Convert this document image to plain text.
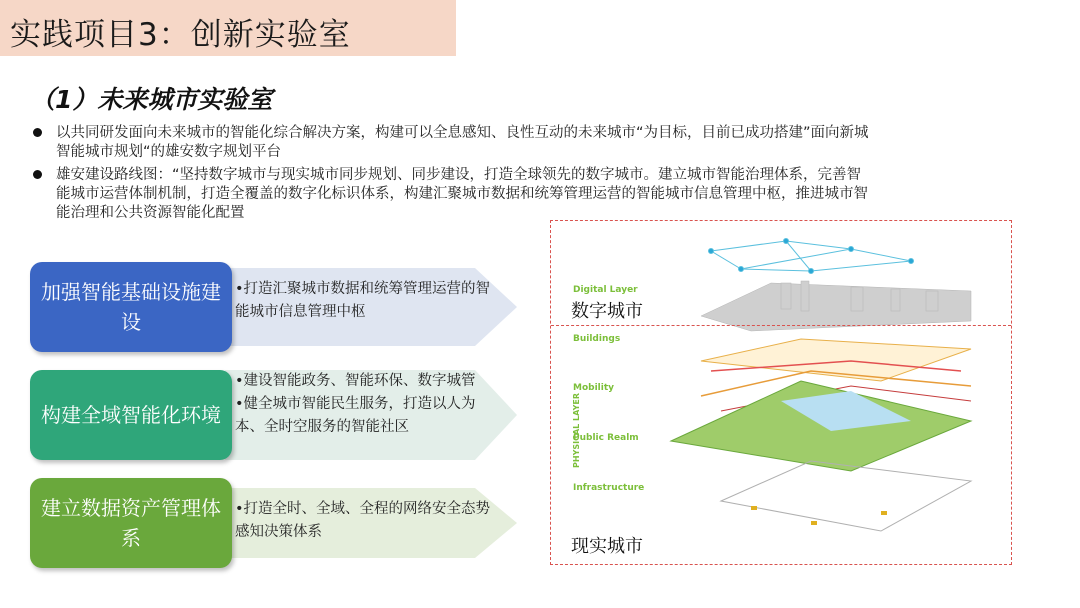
实践项目3：创新实验室
（1）未来城市实验室
以共同研发面向未来城市的智能化综合解决方案，构建可以全息感知、良性互动的未来城市“为目标，目前已成功搭建”面向新城智能城市规划“的雄安数字规划平台
雄安建设路线图：“坚持数字城市与现实城市同步规划、同步建设，打造全球领先的数字城市。建立城市智能治理体系，完善智能城市运营体制机制，打造全覆盖的数字化标识体系，构建汇聚城市数据和统筹管理运营的智能城市信息管理中枢，推进城市智能治理和公共资源智能化配置
•打造汇聚城市数据和统筹管理运营的智能城市信息管理中枢
加强智能基础设施建设
•建设智能政务、智能环保、数字城管
•健全城市智能民生服务，打造以人为本、全时空服务的智能社区
构建全域智能化环境
•打造全时、全域、全程的网络安全态势感知决策体系
建立数据资产管理体系
Digital Layer
数字城市
PHYSICAL LAYER
Buildings
Mobility
Public Realm
Infrastructure
现实城市
